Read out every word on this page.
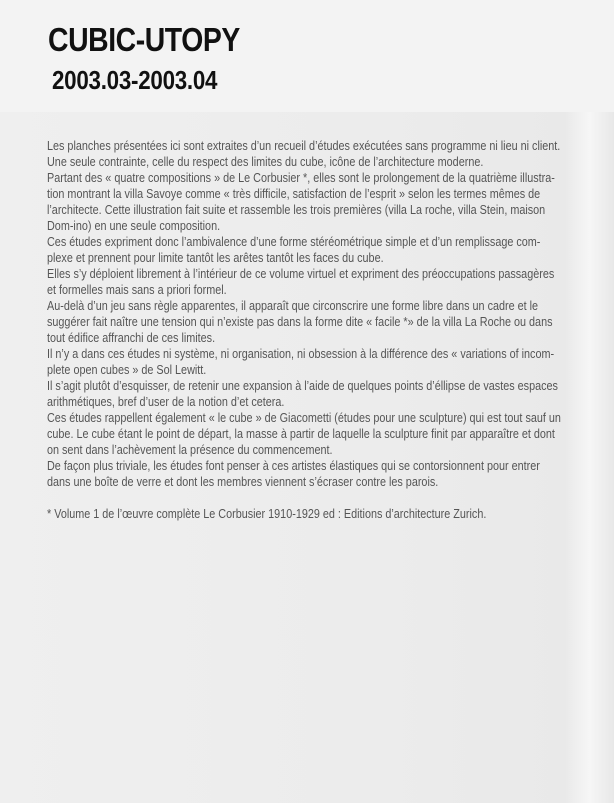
CUBIC-UTOPY
2003.03-2003.04
Les planches présentées ici sont extraites d’un recueil d’études exécutées sans programme ni lieu ni client.
Une seule contrainte, celle du respect des limites du cube, icône de l’architecture moderne.
Partant des « quatre compositions » de Le Corbusier *, elles sont le prolongement de la quatrième illustra-
tion montrant la villa Savoye comme « très difficile, satisfaction de l’esprit » selon les termes mêmes de
l’architecte. Cette illustration fait suite et rassemble les trois premières (villa La roche, villa Stein, maison
Dom-ino) en une seule composition.
Ces études expriment donc l’ambivalence d’une forme stéréométrique simple et d’un remplissage com-
plexe et prennent pour limite tantôt les arêtes tantôt les faces du cube.
Elles s’y déploient librement à l’intérieur de ce volume virtuel et expriment des préoccupations passagères
et formelles mais sans a priori formel.
Au-delà d’un jeu sans règle apparentes, il apparaît que circonscrire une forme libre dans un cadre et le
suggérer fait naître une tension qui n’existe pas dans la forme dite « facile *» de la villa La Roche ou dans
tout édifice affranchi de ces limites.
Il n’y a dans ces études ni système, ni organisation, ni obsession à la différence des « variations of incom-
plete open cubes » de Sol Lewitt.
Il s’agit plutôt d’esquisser, de retenir une expansion à l’aide de quelques points d’éllipse de vastes espaces
arithmétiques, bref d’user de la notion d’et cetera.
Ces études rappellent également « le cube » de Giacometti (études pour une sculpture) qui est tout sauf un
cube. Le cube étant le point de départ, la masse à partir de laquelle la sculpture finit par apparaître et dont
on sent dans l’achèvement la présence du commencement.
De façon plus triviale, les études font penser à ces artistes élastiques qui se contorsionnent pour entrer
dans une boîte de verre et dont les membres viennent s’écraser contre les parois.

* Volume 1 de l’œuvre complète Le Corbusier 1910-1929 ed : Editions d’architecture Zurich.
